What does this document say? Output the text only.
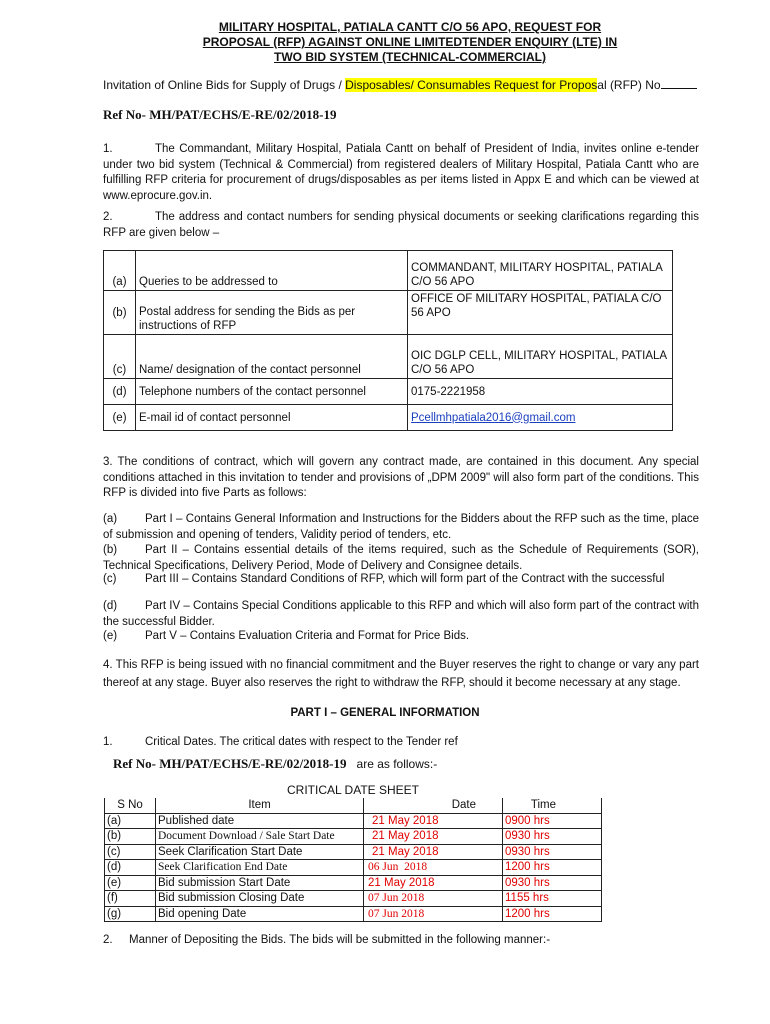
MILITARY HOSPITAL, PATIALA CANTT C/O 56 APO, REQUEST FOR
PROPOSAL (RFP) AGAINST ONLINE LIMITEDTENDER ENQUIRY (LTE) IN
TWO BID SYSTEM (TECHNICAL-COMMERCIAL)
Invitation of Online Bids for Supply of Drugs / Disposables/ Consumables Request for Proposal (RFP) No
Ref No- MH/PAT/ECHS/E-RE/02/2018-19
1.	The Commandant, Military Hospital, Patiala Cantt on behalf of President of India, invites online e-tender under two bid system (Technical & Commercial) from registered dealers of Military Hospital, Patiala Cantt who are fulfilling RFP criteria for procurement of drugs/disposables as per items listed in Appx E and which can be viewed at www.eprocure.gov.in.
2.	The address and contact numbers for sending physical documents or seeking clarifications regarding this RFP are given below –
(a)	Queries to be addressed to	COMMANDANT, MILITARY HOSPITAL, PATIALA C/O 56 APO
(b)	Postal address for sending the Bids as per instructions of RFP	OFFICE OF MILITARY HOSPITAL, PATIALA C/O 56 APO
(c)	Name/ designation of the contact personnel	OIC DGLP CELL, MILITARY HOSPITAL, PATIALA C/O 56 APO
(d)	Telephone numbers of the contact personnel	0175-2221958
(e)	E-mail id of contact personnel	Pcellmhpatiala2016@gmail.com
3. The conditions of contract, which will govern any contract made, are contained in this document. Any special conditions attached in this invitation to tender and provisions of „DPM 2009" will also form part of the conditions. This RFP is divided into five Parts as follows:
(a) Part I – Contains General Information and Instructions for the Bidders about the RFP such as the time, place of submission and opening of tenders, Validity period of tenders, etc.
(b) Part II – Contains essential details of the items required, such as the Schedule of Requirements (SOR), Technical Specifications, Delivery Period, Mode of Delivery and Consignee details.
(c) Part III – Contains Standard Conditions of RFP, which will form part of the Contract with the successful
(d) Part IV – Contains Special Conditions applicable to this RFP and which will also form part of the contract with the successful Bidder.
(e) Part V – Contains Evaluation Criteria and Format for Price Bids.
4. This RFP is being issued with no financial commitment and the Buyer reserves the right to change or vary any part thereof at any stage. Buyer also reserves the right to withdraw the RFP, should it become necessary at any stage.
PART I – GENERAL INFORMATION
1.	Critical Dates. The critical dates with respect to the Tender ref
Ref No- MH/PAT/ECHS/E-RE/02/2018-19 are as follows:-
CRITICAL DATE SHEET
S No	Item	Date	Time
(a)	Published date	21 May 2018	0900 hrs
(b)	Document Download / Sale Start Date	21 May 2018	0930 hrs
(c)	Seek Clarification Start Date	21 May 2018	0930 hrs
(d)	Seek Clarification End Date	06 Jun  2018	1200 hrs
(e)	Bid submission Start Date	21 May 2018	0930 hrs
(f)	Bid submission Closing Date	07 Jun 2018	1155 hrs
(g)	Bid opening Date	07 Jun 2018	1200 hrs
2. Manner of Depositing the Bids. The bids will be submitted in the following manner:-
